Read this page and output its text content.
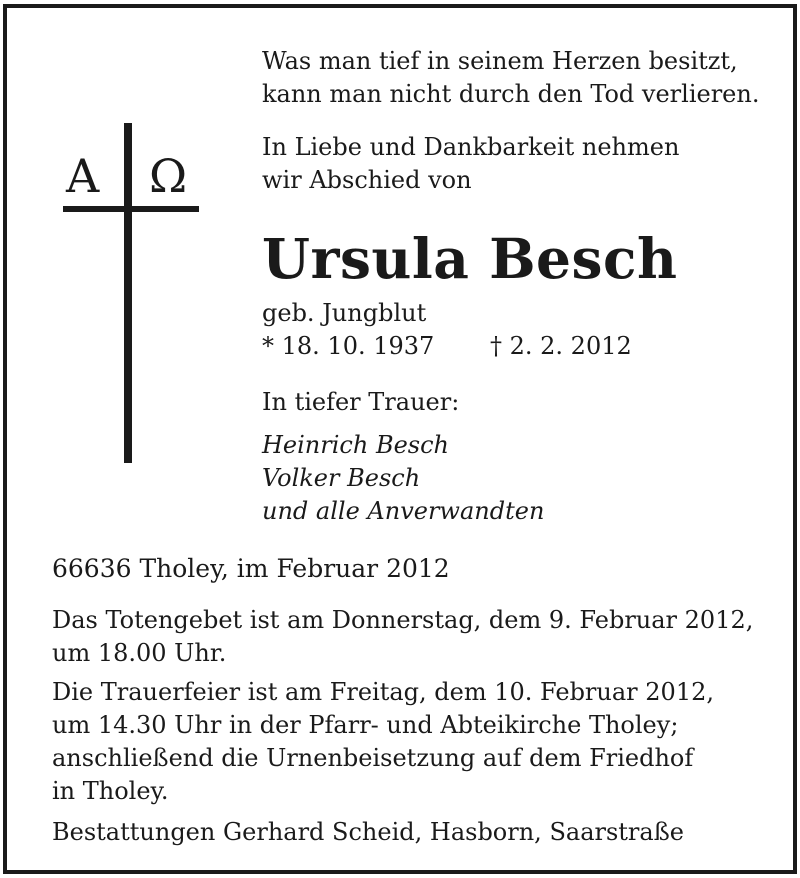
Was man tief in seinem Herzen besitzt,
kann man nicht durch den Tod verlieren.
A Ω
In Liebe und Dankbarkeit nehmen
wir Abschied von
Ursula Besch
geb. Jungblut
* 18. 10. 1937 † 2. 2. 2012
In tiefer Trauer:
Heinrich Besch
Volker Besch
und alle Anverwandten
66636 Tholey, im Februar 2012
Das Totengebet ist am Donnerstag, dem 9. Februar 2012,
um 18.00 Uhr.
Die Trauerfeier ist am Freitag, dem 10. Februar 2012,
um 14.30 Uhr in der Pfarr- und Abteikirche Tholey;
anschließend die Urnenbeisetzung auf dem Friedhof
in Tholey.
Bestattungen Gerhard Scheid, Hasborn, Saarstraße
